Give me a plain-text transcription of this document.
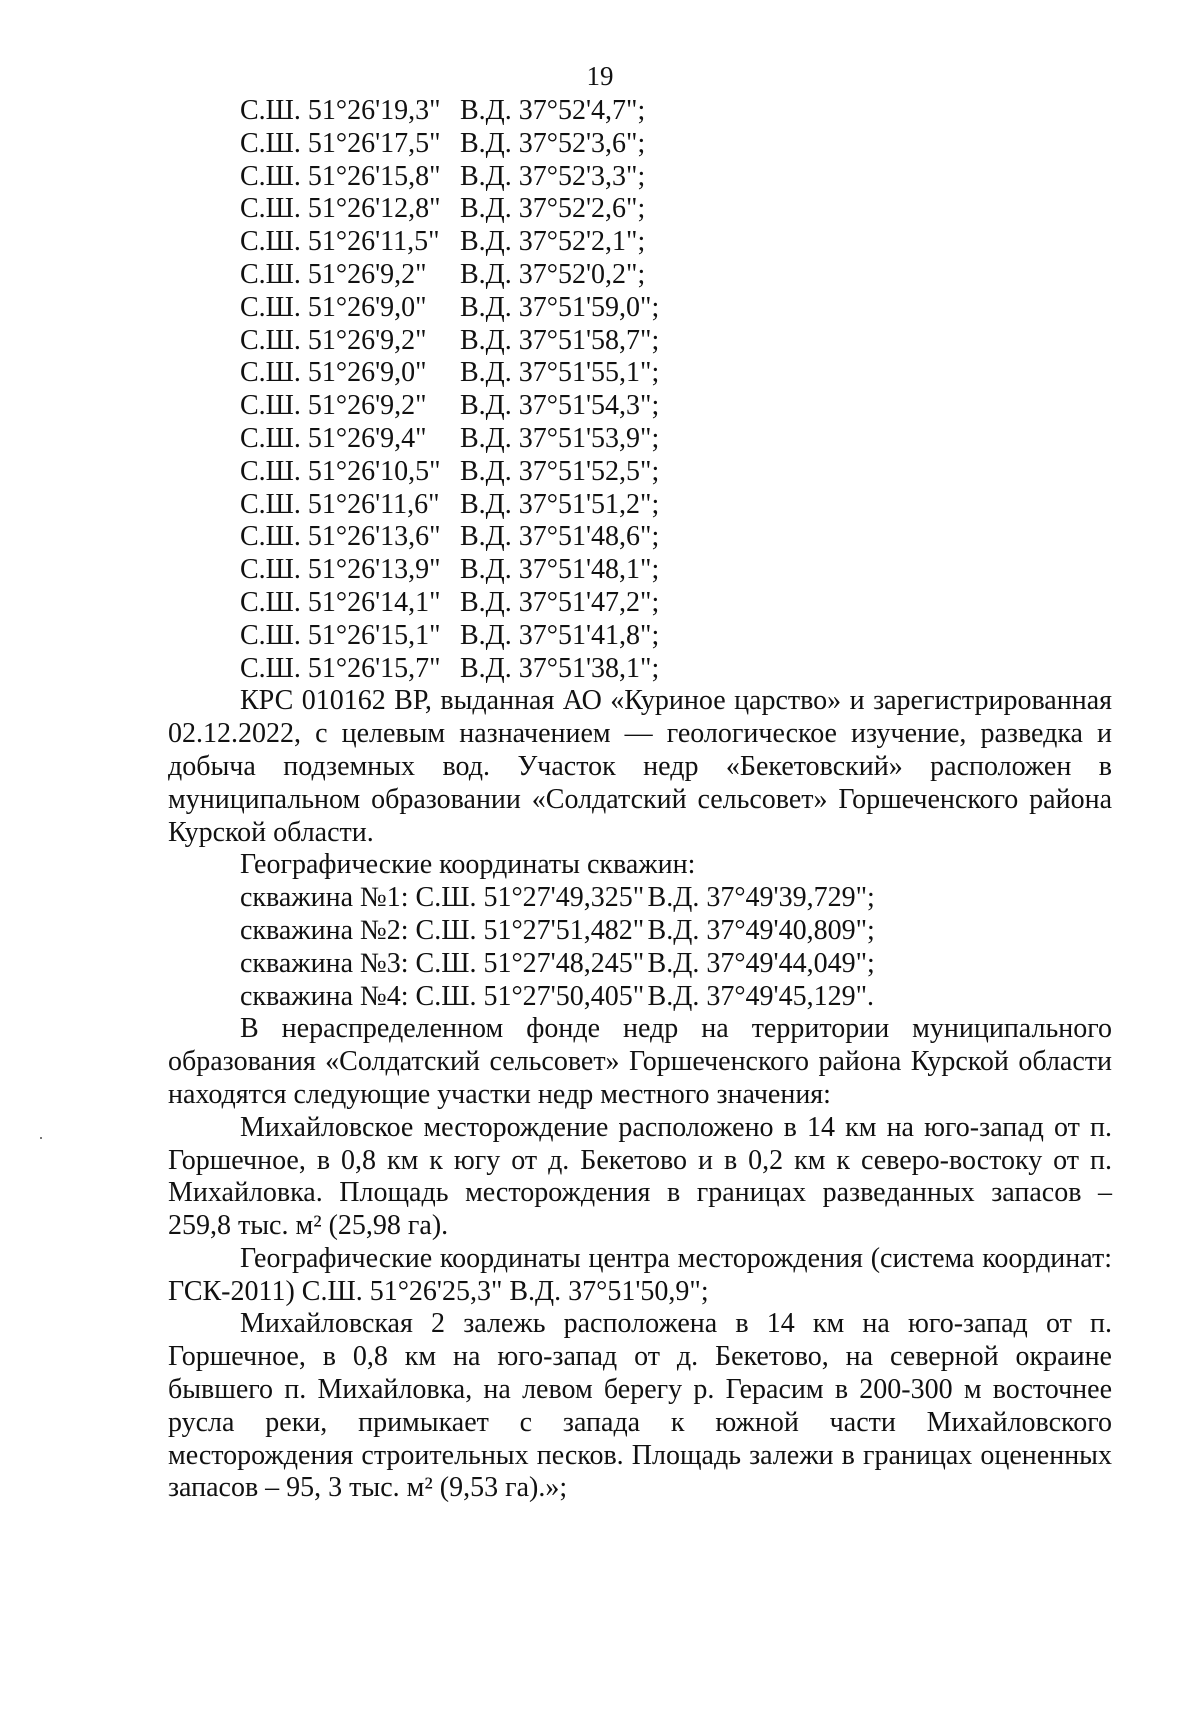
19
С.Ш. 51°26'19,3" В.Д. 37°52'4,7";
С.Ш. 51°26'17,5" В.Д. 37°52'3,6";
С.Ш. 51°26'15,8" В.Д. 37°52'3,3";
С.Ш. 51°26'12,8" В.Д. 37°52'2,6";
С.Ш. 51°26'11,5" В.Д. 37°52'2,1";
С.Ш. 51°26'9,2" В.Д. 37°52'0,2";
С.Ш. 51°26'9,0" В.Д. 37°51'59,0";
С.Ш. 51°26'9,2" В.Д. 37°51'58,7";
С.Ш. 51°26'9,0" В.Д. 37°51'55,1";
С.Ш. 51°26'9,2" В.Д. 37°51'54,3";
С.Ш. 51°26'9,4" В.Д. 37°51'53,9";
С.Ш. 51°26'10,5" В.Д. 37°51'52,5";
С.Ш. 51°26'11,6" В.Д. 37°51'51,2";
С.Ш. 51°26'13,6" В.Д. 37°51'48,6";
С.Ш. 51°26'13,9" В.Д. 37°51'48,1";
С.Ш. 51°26'14,1" В.Д. 37°51'47,2";
С.Ш. 51°26'15,1" В.Д. 37°51'41,8";
С.Ш. 51°26'15,7" В.Д. 37°51'38,1";

КРС 010162 ВР, выданная АО «Куриное царство» и зарегистрированная 02.12.2022, с целевым назначением — геологическое изучение, разведка и добыча подземных вод. Участок недр «Бекетовский» расположен в муниципальном образовании «Солдатский сельсовет» Горшеченского района Курской области.

Географические координаты скважин:

скважина №1: С.Ш. 51°27'49,325" В.Д. 37°49'39,729";
скважина №2: С.Ш. 51°27'51,482" В.Д. 37°49'40,809";
скважина №3: С.Ш. 51°27'48,245" В.Д. 37°49'44,049";
скважина №4: С.Ш. 51°27'50,405" В.Д. 37°49'45,129".

В нераспределенном фонде недр на территории муниципального образования «Солдатский сельсовет» Горшеченского района Курской области находятся следующие участки недр местного значения:

Михайловское месторождение расположено в 14 км на юго-запад от п. Горшечное, в 0,8 км к югу от д. Бекетово и в 0,2 км к северо-востоку от п. Михайловка. Площадь месторождения в границах разведанных запасов – 259,8 тыс. м² (25,98 га).

Географические координаты центра месторождения (система координат: ГСК-2011) С.Ш. 51°26'25,3" В.Д. 37°51'50,9";

Михайловская 2 залежь расположена в 14 км на юго-запад от п. Горшечное, в 0,8 км на юго-запад от д. Бекетово, на северной окраине бывшего п. Михайловка, на левом берегу р. Герасим в 200-300 м восточнее русла реки, примыкает с запада к южной части Михайловского месторождения строительных песков. Площадь залежи в границах оцененных запасов – 95, 3 тыс. м² (9,53 га).»;
